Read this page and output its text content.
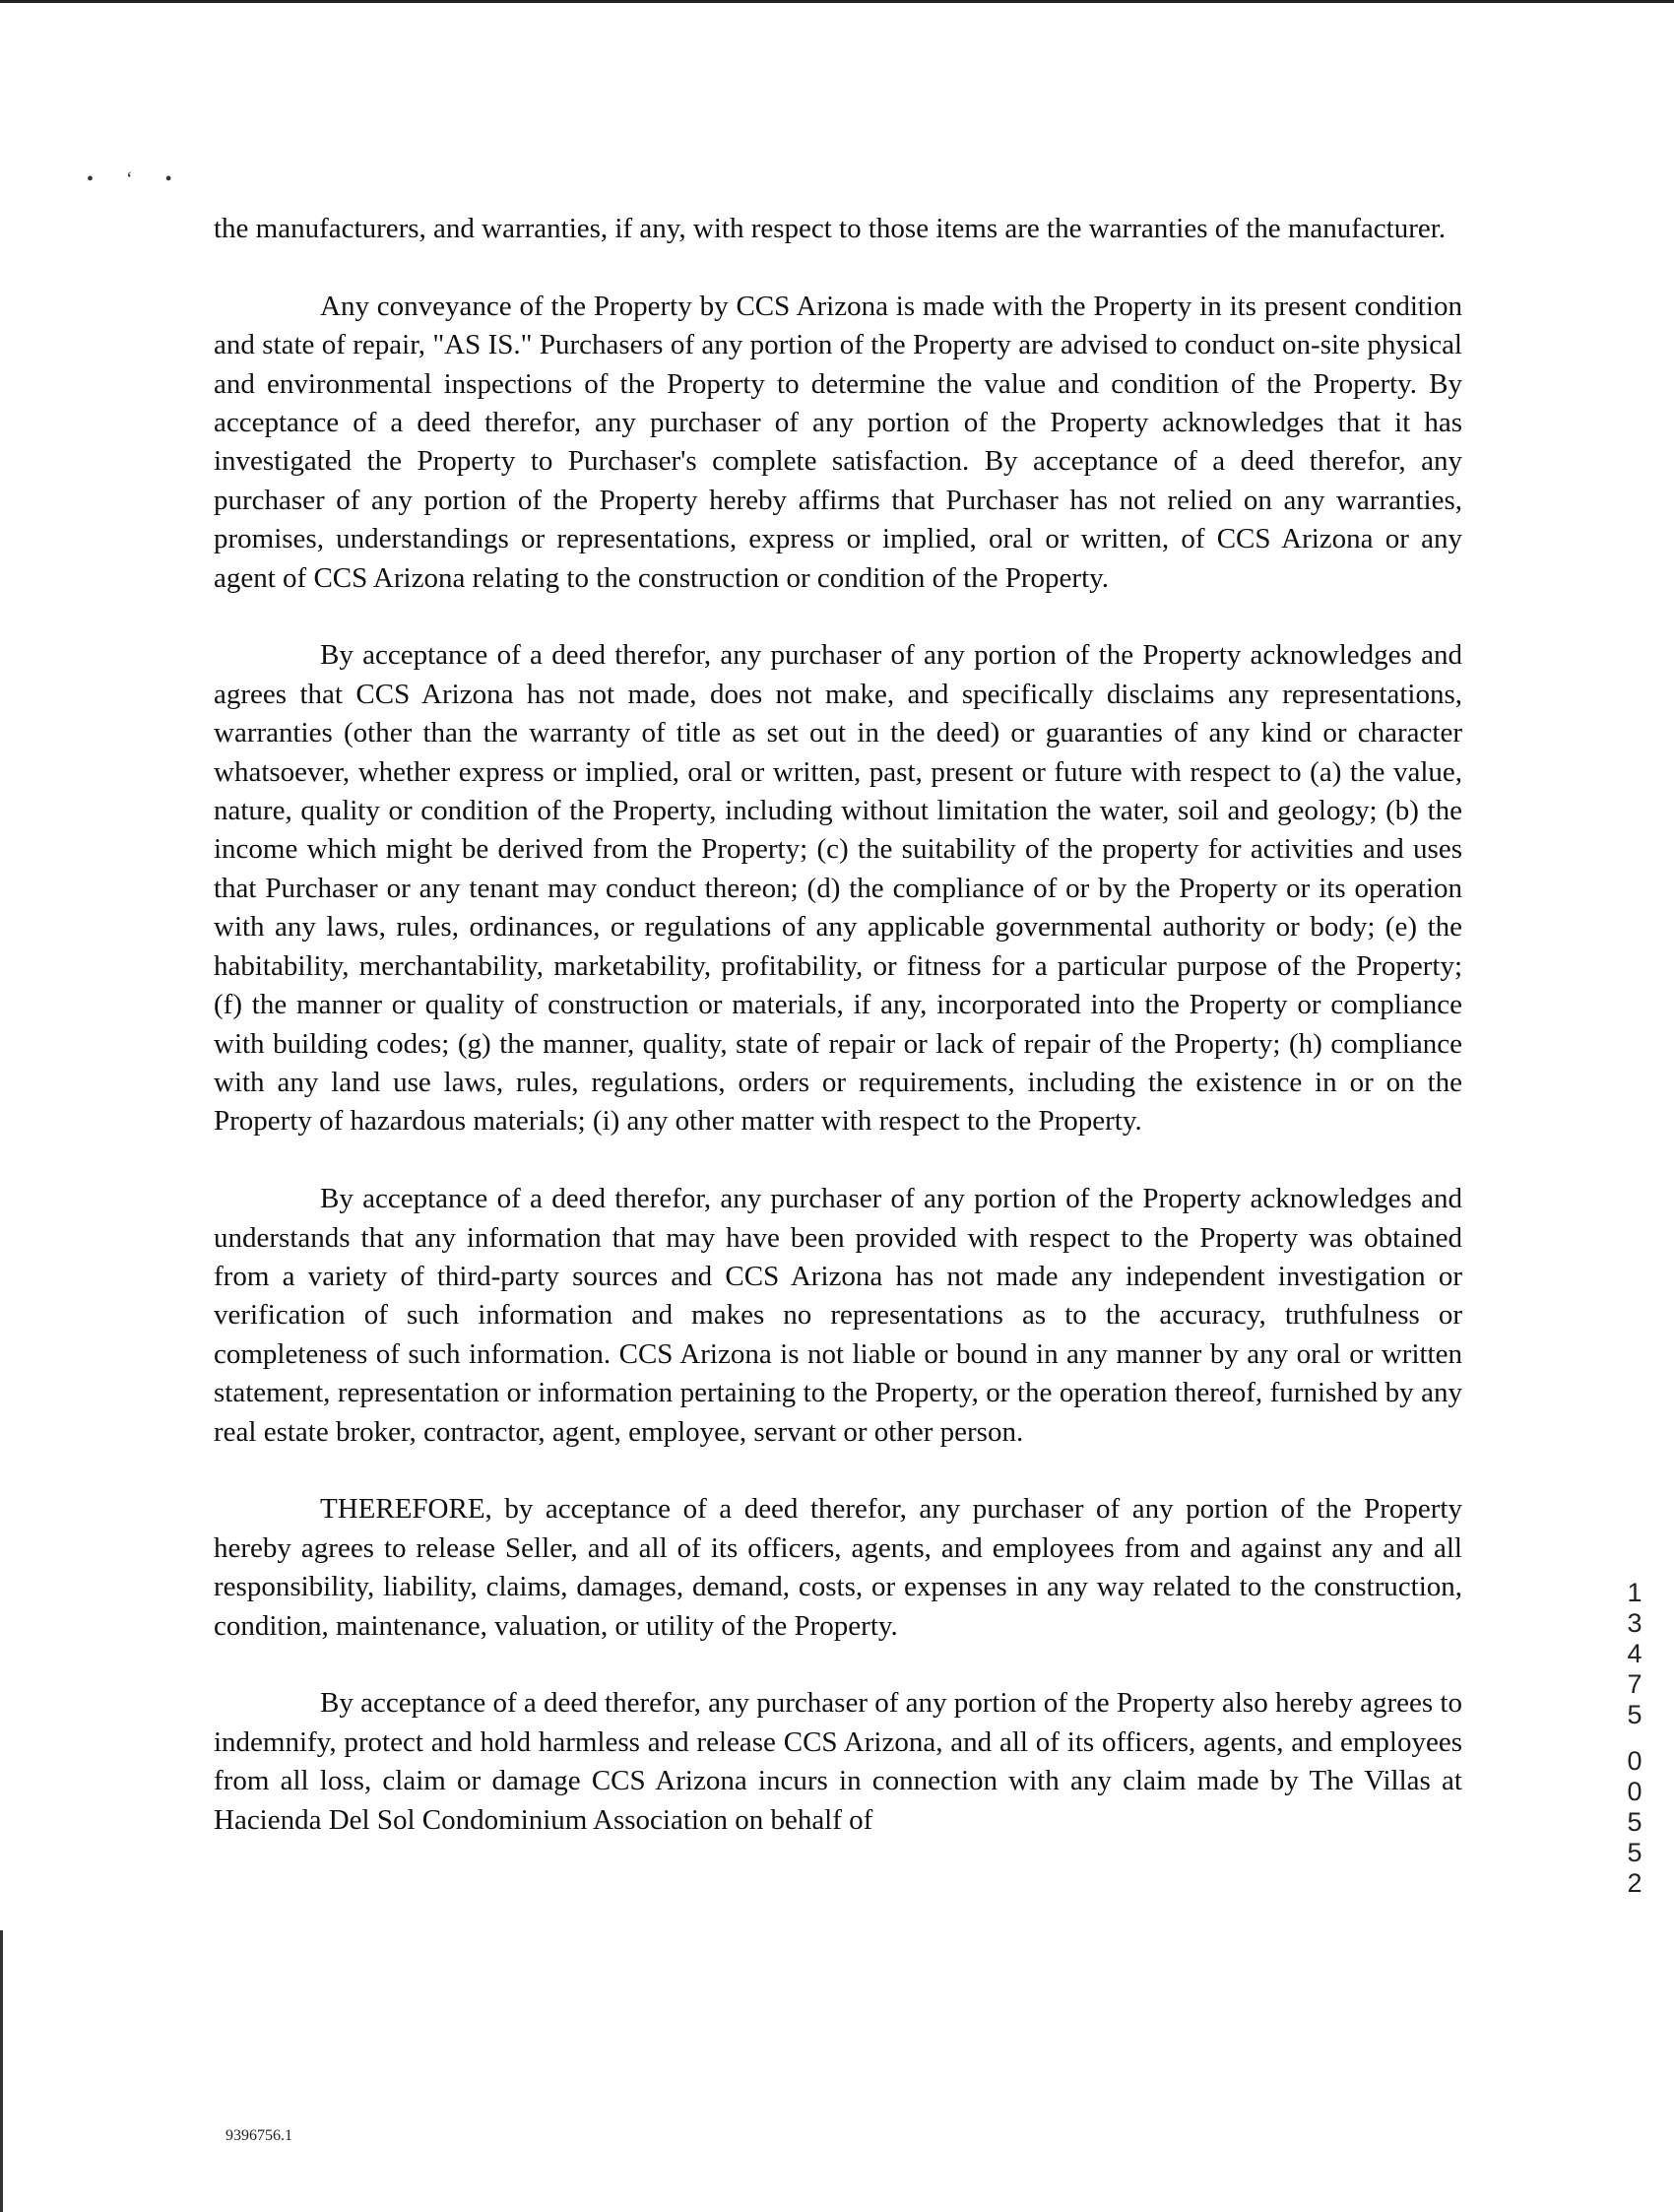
• ‘ •

the manufacturers, and warranties, if any, with respect to those items are the warranties of the manufacturer.

Any conveyance of the Property by CCS Arizona is made with the Property in its present condition and state of repair, "AS IS." Purchasers of any portion of the Property are advised to conduct on-site physical and environmental inspections of the Property to determine the value and condition of the Property. By acceptance of a deed therefor, any purchaser of any portion of the Property acknowledges that it has investigated the Property to Purchaser's complete satisfaction. By acceptance of a deed therefor, any purchaser of any portion of the Property hereby affirms that Purchaser has not relied on any warranties, promises, understandings or representations, express or implied, oral or written, of CCS Arizona or any agent of CCS Arizona relating to the construction or condition of the Property.

By acceptance of a deed therefor, any purchaser of any portion of the Property acknowledges and agrees that CCS Arizona has not made, does not make, and specifically disclaims any representations, warranties (other than the warranty of title as set out in the deed) or guaranties of any kind or character whatsoever, whether express or implied, oral or written, past, present or future with respect to (a) the value, nature, quality or condition of the Property, including without limitation the water, soil and geology; (b) the income which might be derived from the Property; (c) the suitability of the property for activities and uses that Purchaser or any tenant may conduct thereon; (d) the compliance of or by the Property or its operation with any laws, rules, ordinances, or regulations of any applicable governmental authority or body; (e) the habitability, merchantability, marketability, profitability, or fitness for a particular purpose of the Property; (f) the manner or quality of construction or materials, if any, incorporated into the Property or compliance with building codes; (g) the manner, quality, state of repair or lack of repair of the Property; (h) compliance with any land use laws, rules, regulations, orders or requirements, including the existence in or on the Property of hazardous materials; (i) any other matter with respect to the Property.

By acceptance of a deed therefor, any purchaser of any portion of the Property acknowledges and understands that any information that may have been provided with respect to the Property was obtained from a variety of third-party sources and CCS Arizona has not made any independent investigation or verification of such information and makes no representations as to the accuracy, truthfulness or completeness of such information. CCS Arizona is not liable or bound in any manner by any oral or written statement, representation or information pertaining to the Property, or the operation thereof, furnished by any real estate broker, contractor, agent, employee, servant or other person.

THEREFORE, by acceptance of a deed therefor, any purchaser of any portion of the Property hereby agrees to release Seller, and all of its officers, agents, and employees from and against any and all responsibility, liability, claims, damages, demand, costs, or expenses in any way related to the construction, condition, maintenance, valuation, or utility of the Property.

By acceptance of a deed therefor, any purchaser of any portion of the Property also hereby agrees to indemnify, protect and hold harmless and release CCS Arizona, and all of its officers, agents, and employees from all loss, claim or damage CCS Arizona incurs in connection with any claim made by The Villas at Hacienda Del Sol Condominium Association on behalf of

13475
00552
9396756.1
